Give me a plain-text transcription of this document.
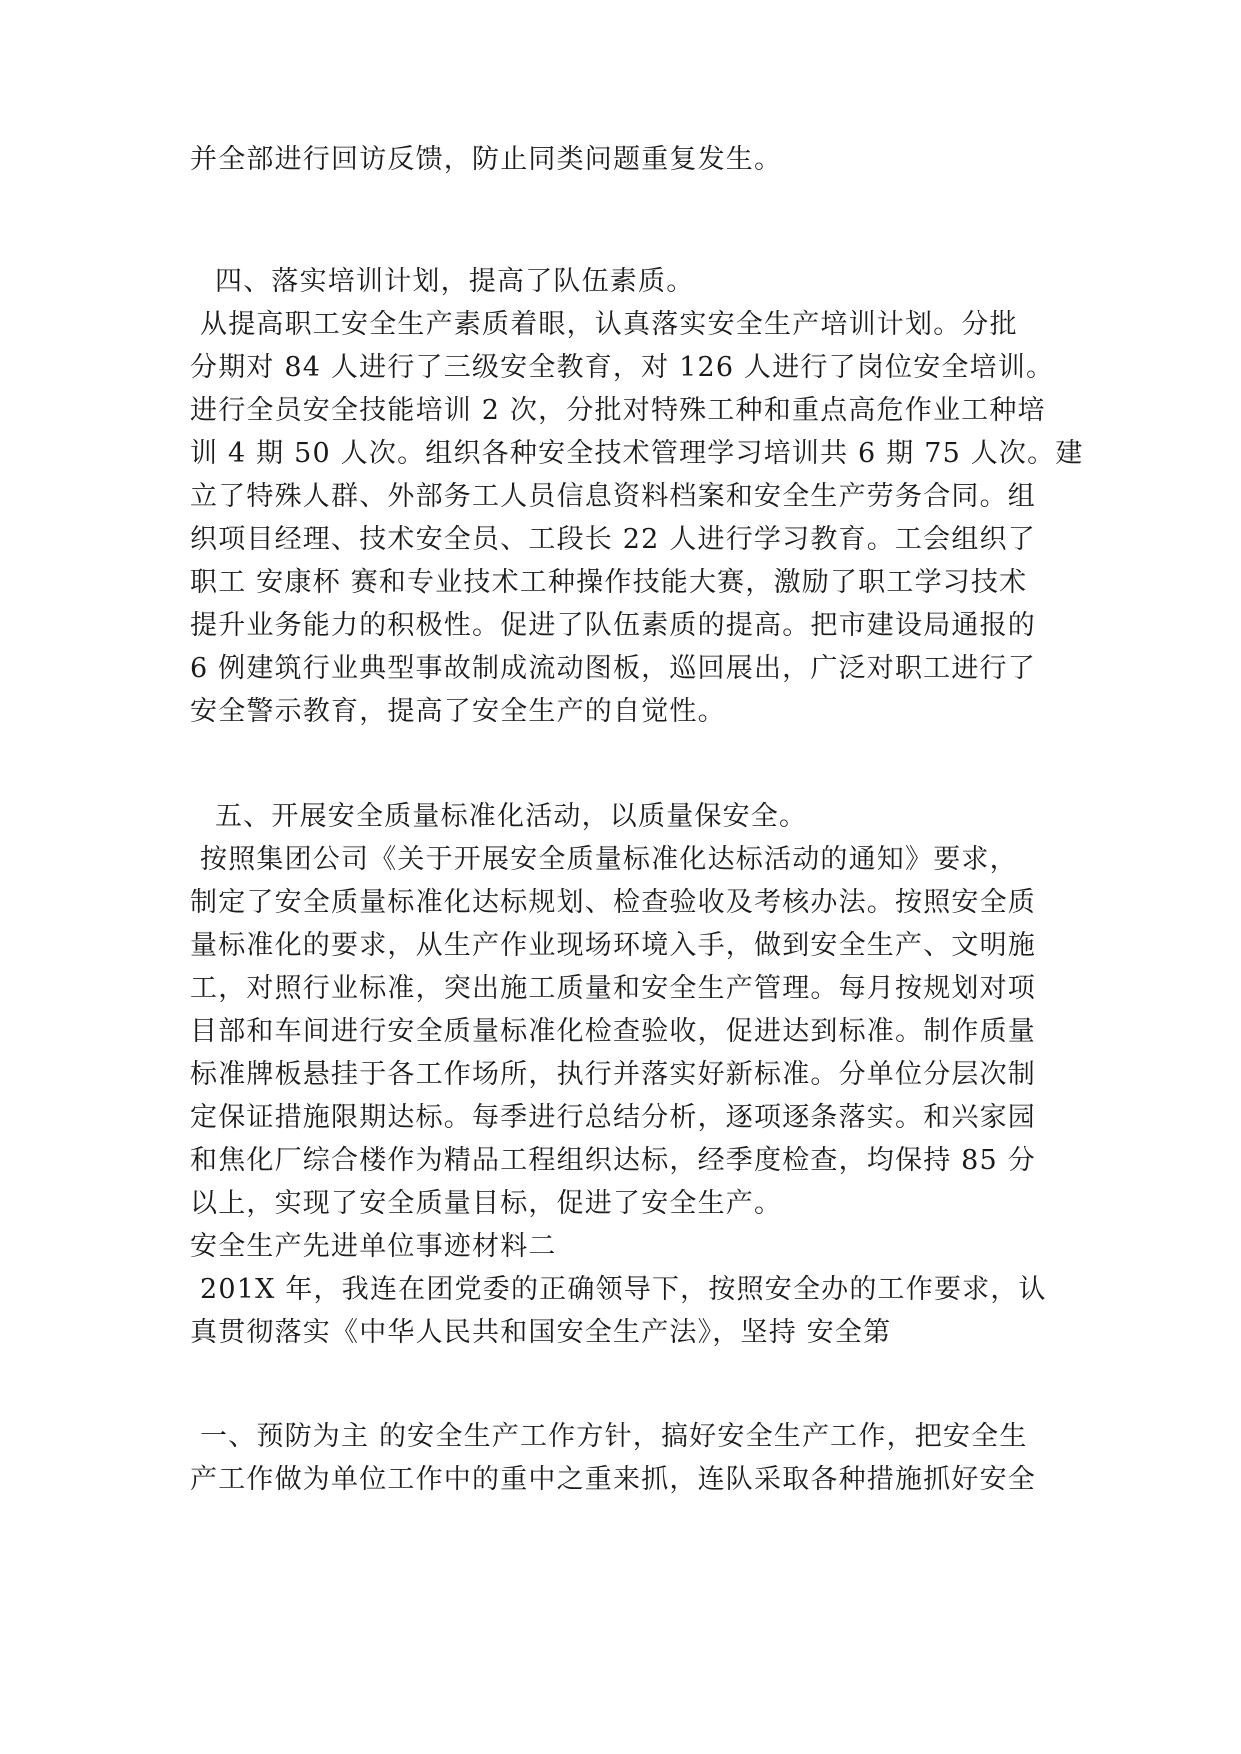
并全部进行回访反馈，防止同类问题重复发生。
四、落实培训计划，提高了队伍素质。
从提高职工安全生产素质着眼，认真落实安全生产培训计划。分批
分期对 84 人进行了三级安全教育，对 126 人进行了岗位安全培训。
进行全员安全技能培训 2 次，分批对特殊工种和重点高危作业工种培
训 4 期 50 人次。组织各种安全技术管理学习培训共 6 期 75 人次。建
立了特殊人群、外部务工人员信息资料档案和安全生产劳务合同。组
织项目经理、技术安全员、工段长 22 人进行学习教育。工会组织了
职工 安康杯 赛和专业技术工种操作技能大赛，激励了职工学习技术
提升业务能力的积极性。促进了队伍素质的提高。把市建设局通报的
6 例建筑行业典型事故制成流动图板，巡回展出，广泛对职工进行了
安全警示教育，提高了安全生产的自觉性。
五、开展安全质量标准化活动，以质量保安全。
按照集团公司《关于开展安全质量标准化达标活动的通知》要求，
制定了安全质量标准化达标规划、检查验收及考核办法。按照安全质
量标准化的要求，从生产作业现场环境入手，做到安全生产、文明施
工，对照行业标准，突出施工质量和安全生产管理。每月按规划对项
目部和车间进行安全质量标准化检查验收，促进达到标准。制作质量
标准牌板悬挂于各工作场所，执行并落实好新标准。分单位分层次制
定保证措施限期达标。每季进行总结分析，逐项逐条落实。和兴家园
和焦化厂综合楼作为精品工程组织达标，经季度检查，均保持 85 分
以上，实现了安全质量目标，促进了安全生产。
安全生产先进单位事迹材料二
201X 年，我连在团党委的正确领导下，按照安全办的工作要求，认
真贯彻落实《中华人民共和国安全生产法》，坚持 安全第
一、预防为主 的安全生产工作方针，搞好安全生产工作，把安全生
产工作做为单位工作中的重中之重来抓，连队采取各种措施抓好安全
